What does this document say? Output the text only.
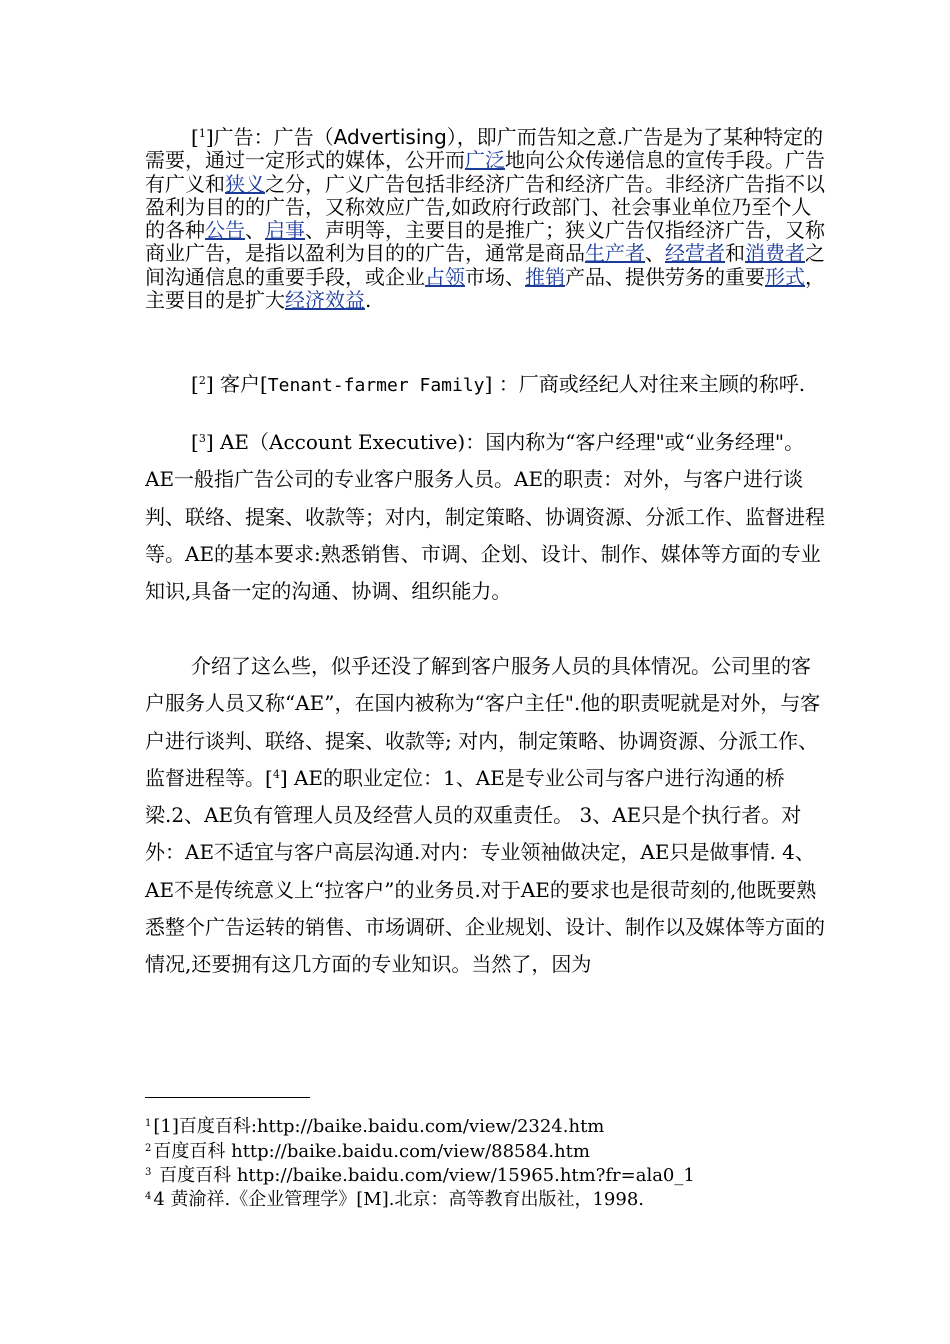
[$^1$]广告：广告（Advertising），即广而告知之意.广告是为了某种特定的需要，通过一定形式的媒体，公开而广泛地向公众传递信息的宣传手段。广告有广义和狭义之分，广义广告包括非经济广告和经济广告。非经济广告指不以盈利为目的的广告，又称效应广告,如政府行政部门、社会事业单位乃至个人的各种公告、启事、声明等，主要目的是推广；狭义广告仅指经济广告，又称商业广告，是指以盈利为目的的广告，通常是商品生产者、经营者和消费者之间沟通信息的重要手段，或企业占领市场、推销产品、提供劳务的重要形式，主要目的是扩大经济效益.
[$^2$] 客户[Tenant-farmer Family] ：厂商或经纪人对往来主顾的称呼.
[$^3$] AE（Account Executive)：国内称为“客户经理"或“业务经理"。AE一般指广告公司的专业客户服务人员。AE的职责：对外，与客户进行谈判、联络、提案、收款等；对内，制定策略、协调资源、分派工作、监督进程等。AE的基本要求:熟悉销售、市调、企划、设计、制作、媒体等方面的专业知识,具备一定的沟通、协调、组织能力。
介绍了这么些，似乎还没了解到客户服务人员的具体情况。公司里的客户服务人员又称“AE”，在国内被称为“客户主任".他的职责呢就是对外，与客户进行谈判、联络、提案、收款等; 对内，制定策略、协调资源、分派工作、监督进程等。[$^4$] AE的职业定位：1、AE是专业公司与客户进行沟通的桥梁.2、AE负有管理人员及经营人员的双重责任。 3、AE只是个执行者。对外：AE不适宜与客户高层沟通.对内：专业领袖做决定，AE只是做事情. 4、AE不是传统意义上“拉客户”的业务员.对于AE的要求也是很苛刻的,他既要熟悉整个广告运转的销售、市场调研、企业规划、设计、制作以及媒体等方面的情况,还要拥有这几方面的专业知识。当然了，因为
$^1$ [1]百度百科:http://baike.baidu.com/view/2324.htm
$^2$ 百度百科 http://baike.baidu.com/view/88584.htm
$^3$ 百度百科 http://baike.baidu.com/view/15965.htm?fr=ala0_1
$^4$ 4 黄渝祥.《企业管理学》[M].北京：高等教育出版社，1998.
